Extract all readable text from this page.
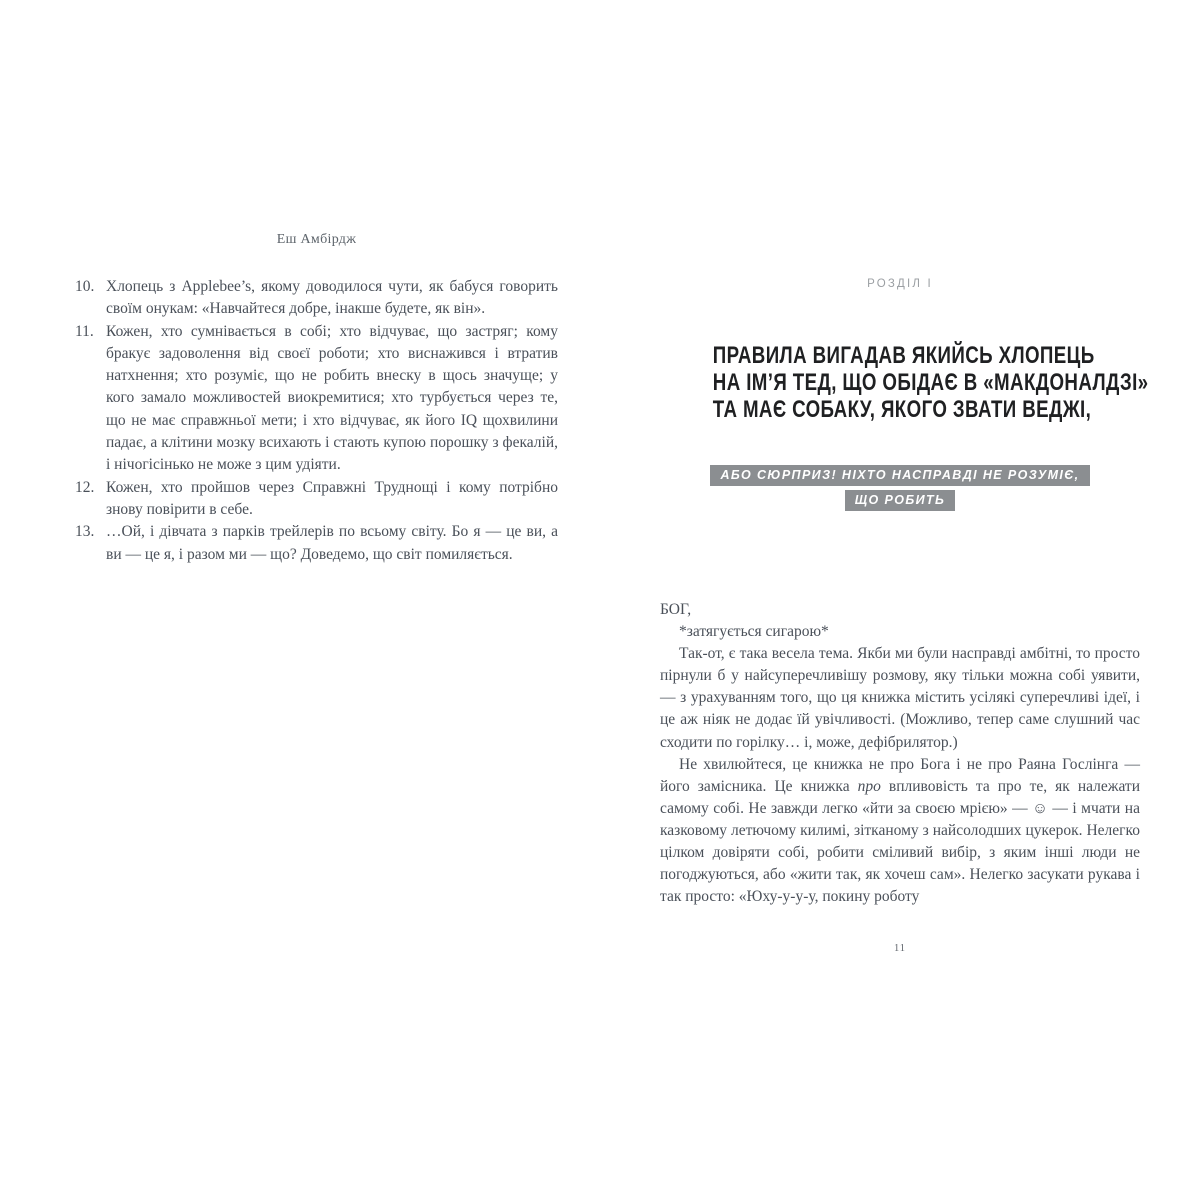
Еш Амбірдж
10. Хлопець з Applebee’s, якому доводилося чути, як бабуся говорить своїм онукам: «Навчайтеся добре, інакше будете, як він».
11. Кожен, хто сумнівається в собі; хто відчуває, що застряг; кому бракує задоволення від своєї роботи; хто виснажився і втратив натхнення; хто розуміє, що не робить внеску в щось значуще; у кого замало можливостей виокремитися; хто турбується через те, що не має справжньої мети; і хто відчуває, як його IQ щохвилини падає, а клітини мозку всихають і стають купою порошку з фекалій, і нічогісінько не може з цим удіяти.
12. Кожен, хто пройшов через Справжні Труднощі і кому потрібно знову повірити в себе.
13. …Ой, і дівчата з парків трейлерів по всьому світу. Бо я — це ви, а ви — це я, і разом ми — що? Доведемо, що світ помиляється.
РОЗДІЛ І
ПРАВИЛА ВИГАДАВ ЯКИЙСЬ ХЛОПЕЦЬ
НА ІМ’Я ТЕД, ЩО ОБІДАЄ В «МАКДОНАЛДЗІ»
ТА МАЄ СОБАКУ, ЯКОГО ЗВАТИ ВЕДЖІ,
АБО СЮРПРИЗ! НІХТО НАСПРАВДІ НЕ РОЗУМІЄ,
ЩО РОБИТЬ

БОГ,

*затягується сигарою*

Так-от, є така весела тема. Якби ми були насправді амбітні, то просто пірнули б у найсуперечливішу розмову, яку тільки можна собі уявити, — з урахуванням того, що ця книжка містить усілякі суперечливі ідеї, і це аж ніяк не додає їй увічливості. (Можливо, тепер саме слушний час сходити по горілку… і, може, дефібрилятор.)

Не хвилюйтеся, це книжка не про Бога і не про Раяна Гослінга — його замісника. Це книжка про впливовість та про те, як належати самому собі. Не завжди легко «йти за своєю мрією» — ☺ — і мчати на казковому летючому килимі, зітканому з найсолодших цукерок. Нелегко цілком довіряти собі, робити сміливий вибір, з яким інші люди не погоджуються, або «жити так, як хочеш сам». Нелегко засукати рукава і так просто: «Юху-у-у-у, покину роботу

11
